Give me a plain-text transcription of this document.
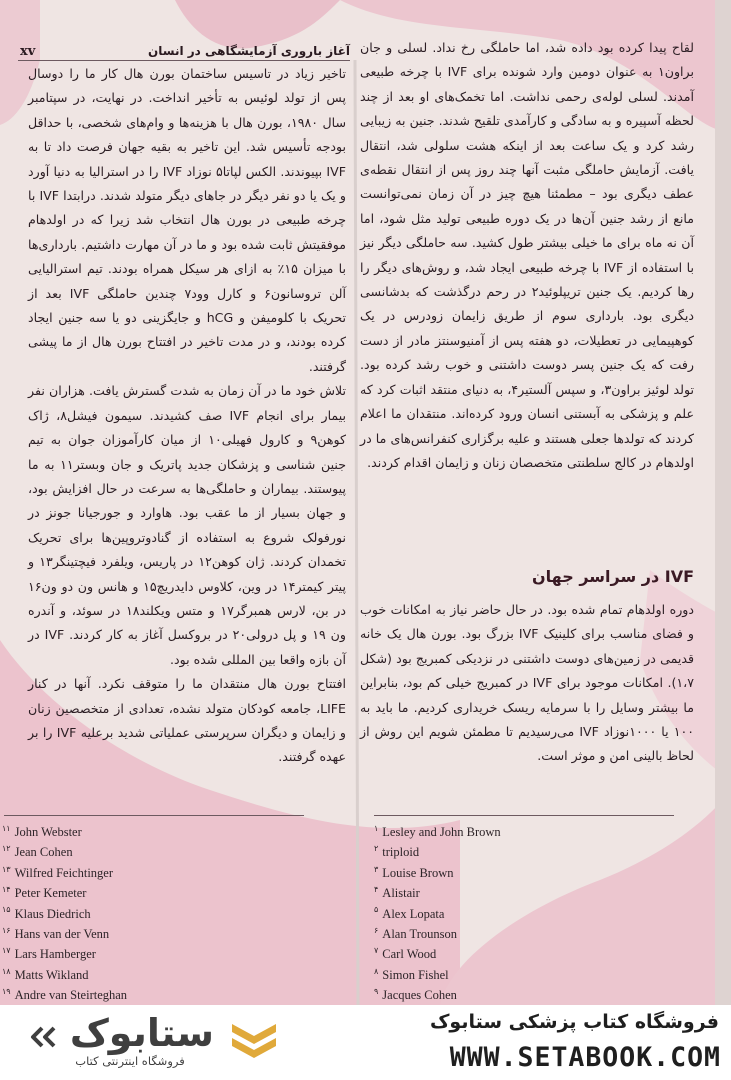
آغاز باروری آزمایشگاهی در انسان
xv

تاخیر زیاد در تاسیس ساختمان بورن هال کار ما را دوسال پس از تولد لوئیس به تأخیر انداخت. در نهایت، در سپتامبر سال ۱۹۸۰، بورن هال با هزینه‌ها و وام‌های شخصی، با حداقل بودجه تأسیس شد. این تاخیر به بقیه جهان فرصت داد تا به IVF بپیوندند. الکس لپاتا۵ نوزاد IVF را در استرالیا به دنیا آورد و یک یا دو نفر دیگر در جاهای دیگر متولد شدند. درابتدا IVF با چرخه طبیعی در بورن هال انتخاب شد زیرا که در اولدهام موفقیتش ثابت شده بود و ما در آن مهارت داشتیم. بارداری‌ها با میزان ۱۵٪ به ازای هر سیکل همراه بودند. تیم استرالیایی آلن تروسانون۶ و کارل وود۷ چندین حاملگی IVF بعد از تحریک با کلومیفن و hCG و جایگزینی دو یا سه جنین ایجاد کرده بودند، و در مدت تاخیر در افتتاح بورن هال از ما پیشی گرفتند.

تلاش خود ما در آن زمان به شدت گسترش یافت. هزاران نفر بیمار برای انجام IVF صف کشیدند. سیمون فیشل۸، ژاک کوهن۹ و کارول فهیلی۱۰ از میان کارآموزان جوان به تیم جنین شناسی و پزشکان جدید پاتریک و جان وبستر۱۱ به ما پیوستند. بیماران و حاملگی‌ها به سرعت در حال افزایش بود، و جهان بسیار از ما عقب بود. هاوارد و جورجیانا جونز در نورفولک شروع به استفاده از گنادوتروپین‌ها برای تحریک تخمدان کردند. ژان کوهن۱۲ در پاریس، ویلفرد فیچتینگر۱۳ و پیتر کیمتر۱۴ در وین، کلاوس دایدریچ۱۵ و هانس ون دو ون۱۶ در بن، لارس همبرگر۱۷ و متس ویکلند۱۸ در سوئد، و آندره ون ۱۹ و پل درولی۲۰ در بروکسل آغاز به کار کردند. IVF در آن بازه واقعا بین المللی شده بود.

افتتاح بورن هال منتقدان ما را متوقف نکرد. آنها در کنار LIFE، جامعه کودکان متولد نشده، تعدادی از متخصصین زنان و زایمان و دیگران سرپرستی عملیاتی شدید برعلیه IVF را بر عهده گرفتند.

لقاح پیدا کرده بود داده شد، اما حاملگی رخ نداد. لسلی و جان براون۱ به عنوان دومین وارد شونده برای IVF با چرخه طبیعی آمدند. لسلی لوله‌ی رحمی نداشت. اما تخمک‌های او بعد از چند لحظه آسپیره و به سادگی و کارآمدی تلقیح شدند. جنین به زیبایی رشد کرد و یک ساعت بعد از اینکه هشت سلولی شد، انتقال یافت. آزمایش حاملگی مثبت آنها چند روز پس از انتقال نقطه‌ی عطف دیگری بود – مطمئنا هیچ چیز در آن زمان نمی‌توانست مانع از رشد جنین آن‌ها در یک دوره طبیعی تولید مثل شود، اما آن نه ماه برای ما خیلی بیشتر طول کشید. سه حاملگی دیگر نیز با استفاده از IVF با چرخه طبیعی ایجاد شد، و روش‌های دیگر را رها کردیم. یک جنین تریپلوئید۲ در رحم درگذشت که بدشانسی دیگری بود. بارداری سوم از طریق زایمان زودرس در یک کوهپیمایی در تعطیلات، دو هفته پس از آمنیوسنتز مادر از دست رفت که یک جنین پسر دوست داشتنی و خوب رشد کرده بود. تولد لوئیز براون۳، و سپس آلستیر۴، به دنیای منتقد اثبات کرد که علم و پزشکی به آبستنی انسان ورود کرده‌اند. منتقدان ما اعلام کردند که تولدها جعلی هستند و علیه برگزاری کنفرانس‌های ما در اولدهام در کالج سلطنتی متخصصان زنان و زایمان اقدام کردند.

IVF در سراسر جهان

دوره اولدهام تمام شده بود. در حال حاضر نیاز به امکانات خوب و فضای مناسب برای کلینیک IVF بزرگ بود. بورن هال یک خانه قدیمی در زمین‌های دوست داشتنی در نزدیکی کمبریج بود (شکل ۱،۷). امکانات موجود برای IVF در کمبریج خیلی کم بود، بنابراین ما بیشتر وسایل را با سرمایه ریسک خریداری کردیم. ما باید به ۱۰۰ یا ۱۰۰۰نوزاد IVF می‌رسیدیم تا مطمئن شویم این روش از لحاظ بالینی امن و موثر است.

۱۱ John Webster
۱۲ Jean Cohen
۱۳ Wilfred Feichtinger
۱۴ Peter Kemeter
۱۵ Klaus Diedrich
۱۶ Hans van der Venn
۱۷ Lars Hamberger
۱۸ Matts Wikland
۱۹ Andre van Steirteghan
۱ Lesley and John Brown
۲ triploid
۳ Louise Brown
۴ Alistair
۵ Alex Lopata
۶ Alan Trounson
۷ Carl Wood
۸ Simon Fishel
۹ Jacques Cohen
ستابوک
فروشگاه اینترنتی کتاب
فروشگاه کتاب پزشکی ستابوک
WWW.SETABOOK.COM
